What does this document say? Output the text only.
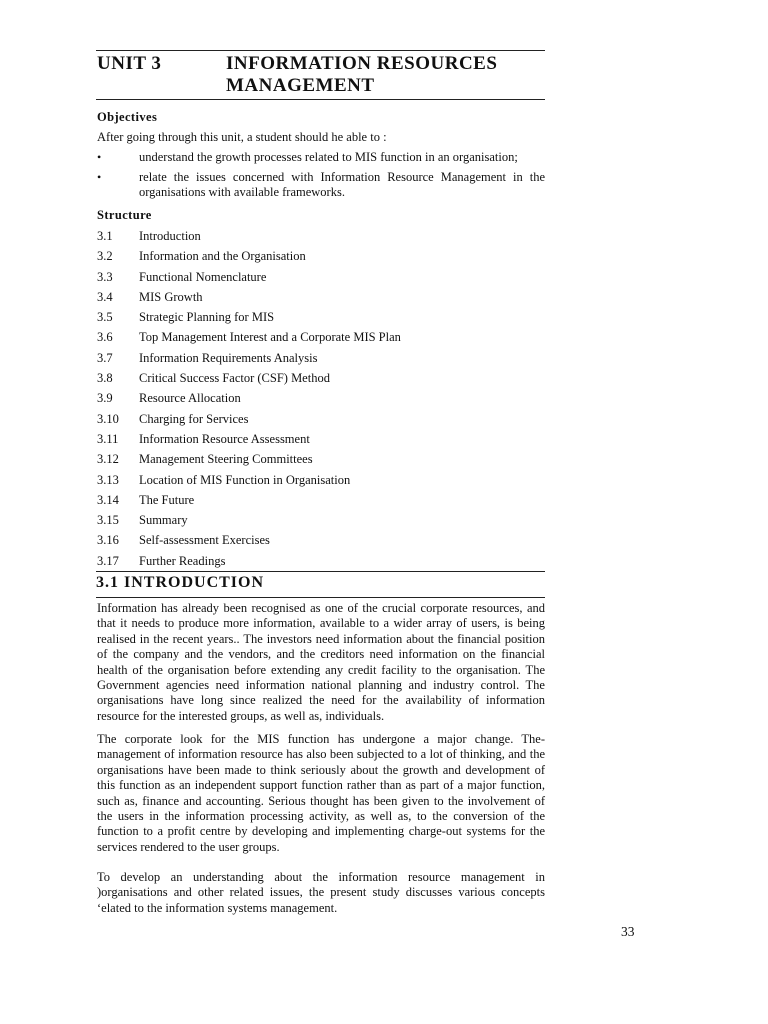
UNIT 3	INFORMATION RESOURCES MANAGEMENT
Objectives
After going through this unit, a student should he able to :
•	understand the growth processes related to MIS function in an organisation;
•	relate the issues concerned with Information Resource Management in the organisations with available frameworks.
Structure
3.1 Introduction
3.2 Information and the Organisation
3.3 Functional Nomenclature
3.4 MIS Growth
3.5 Strategic Planning for MIS
3.6 Top Management Interest and a Corporate MIS Plan
3.7 Information Requirements Analysis
3.8 Critical Success Factor (CSF) Method
3.9 Resource Allocation
3.10 Charging for Services
3.11 Information Resource Assessment
3.12 Management Steering Committees
3.13 Location of MIS Function in Organisation
3.14 The Future
3.15 Summary
3.16 Self-assessment Exercises
3.17 Further Readings
3.1 INTRODUCTION

Information has already been recognised as one of the crucial corporate resources, and that it needs to produce more information, available to a wider array of users, is being realised in the recent years.. The investors need information about the financial position of the company and the vendors, and the creditors need information on the financial health of the organisation before extending any credit facility to the organisation. The Government agencies need information national planning and industry control. The organisations have long since realized the need for the availability of information resource for the interested groups, as well as, individuals.

The corporate look for the MIS function has undergone a major change. The-management of information resource has also been subjected to a lot of thinking, and the organisations have been made to think seriously about the growth and development of this function as an independent support function rather than as part of a major function, such as, finance and accounting. Serious thought has been given to the involvement of the users in the information processing activity, as well as, to the conversion of the function to a profit centre by developing and implementing charge-out systems for the services rendered to the user groups.

To develop an understanding about the information resource management in )organisations and other related issues, the present study discusses various concepts ‘elated to the information systems management.

33
